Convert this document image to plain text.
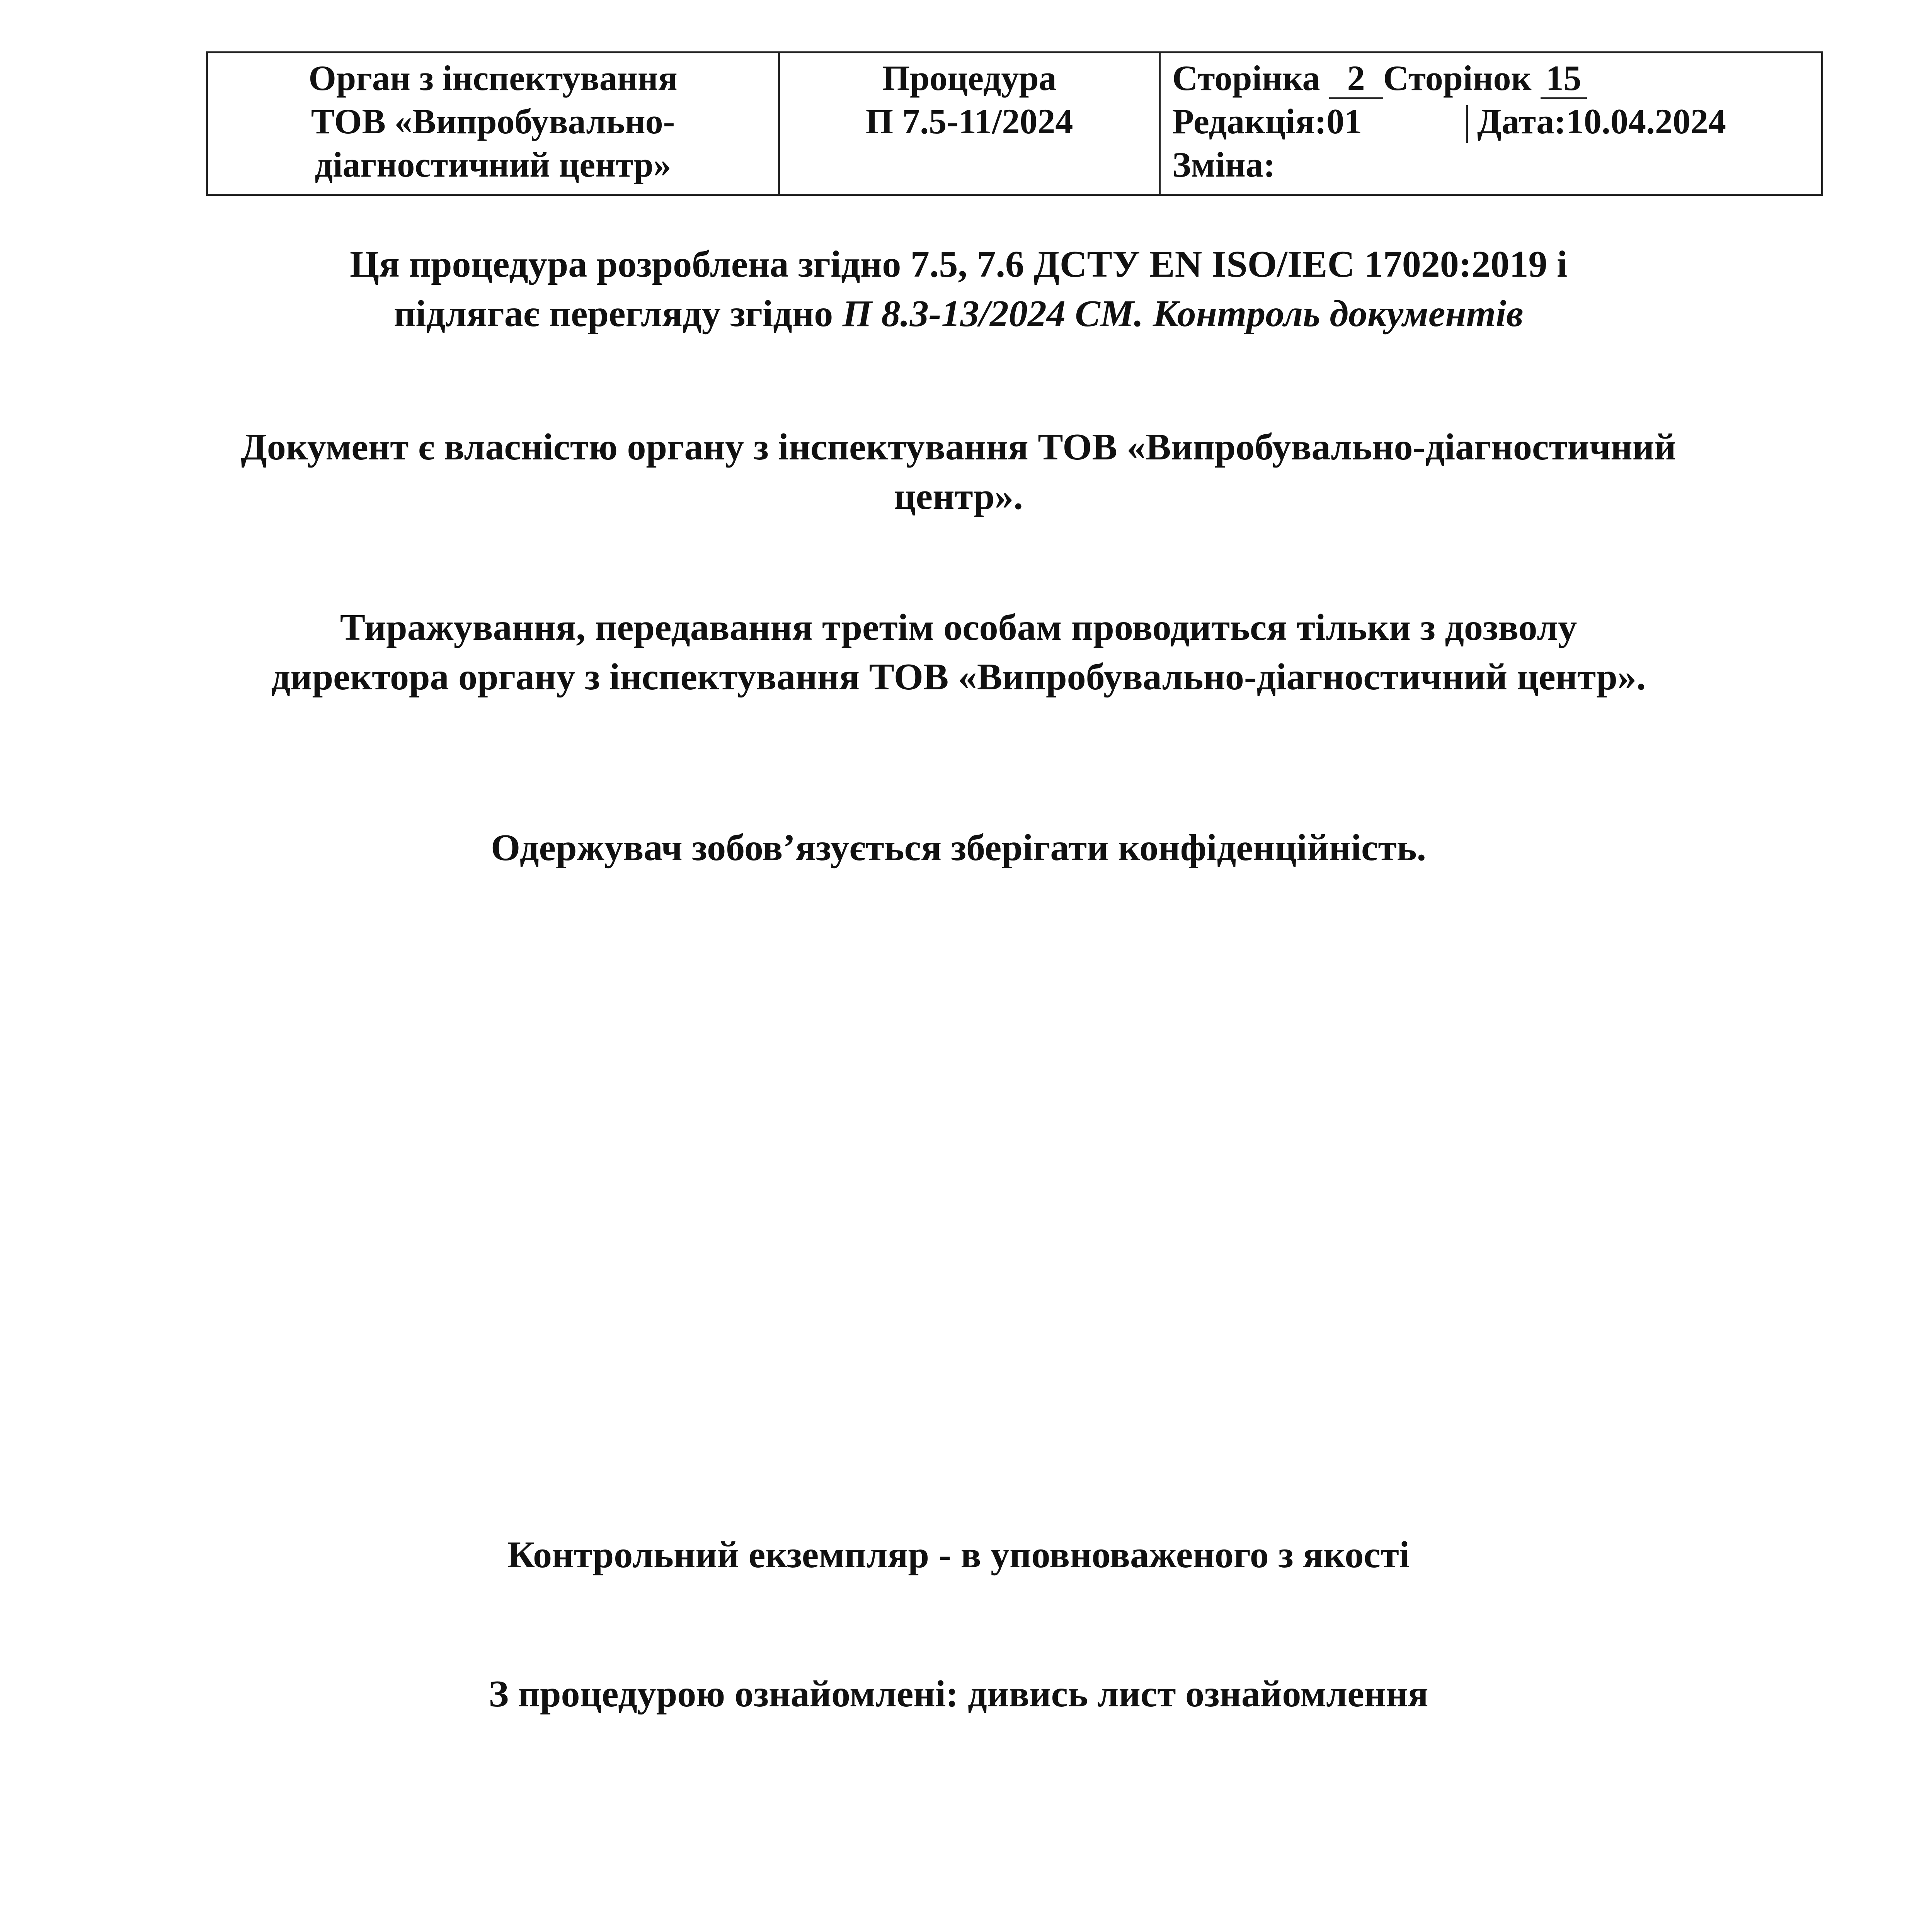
Орган з інспектування
ТОВ «Випробувально-
діагностичний центр»
Процедура
П 7.5-11/2024
Сторінка 2 Сторінок 15
Редакція:01	Дата:10.04.2024
Зміна:
Ця процедура розроблена згідно 7.5, 7.6 ДСТУ EN ISO/IEC 17020:2019 і
підлягає перегляду згідно П 8.3-13/2024 СМ. Контроль документів
Документ є власністю органу з інспектування ТОВ «Випробувально-діагностичний
центр».
Тиражування, передавання третім особам проводиться тільки з дозволу
директора органу з інспектування ТОВ «Випробувально-діагностичний центр».
Одержувач зобов’язується зберігати конфіденційність.
Контрольний екземпляр - в уповноваженого з якості
З процедурою ознайомлені: дивись лист ознайомлення
